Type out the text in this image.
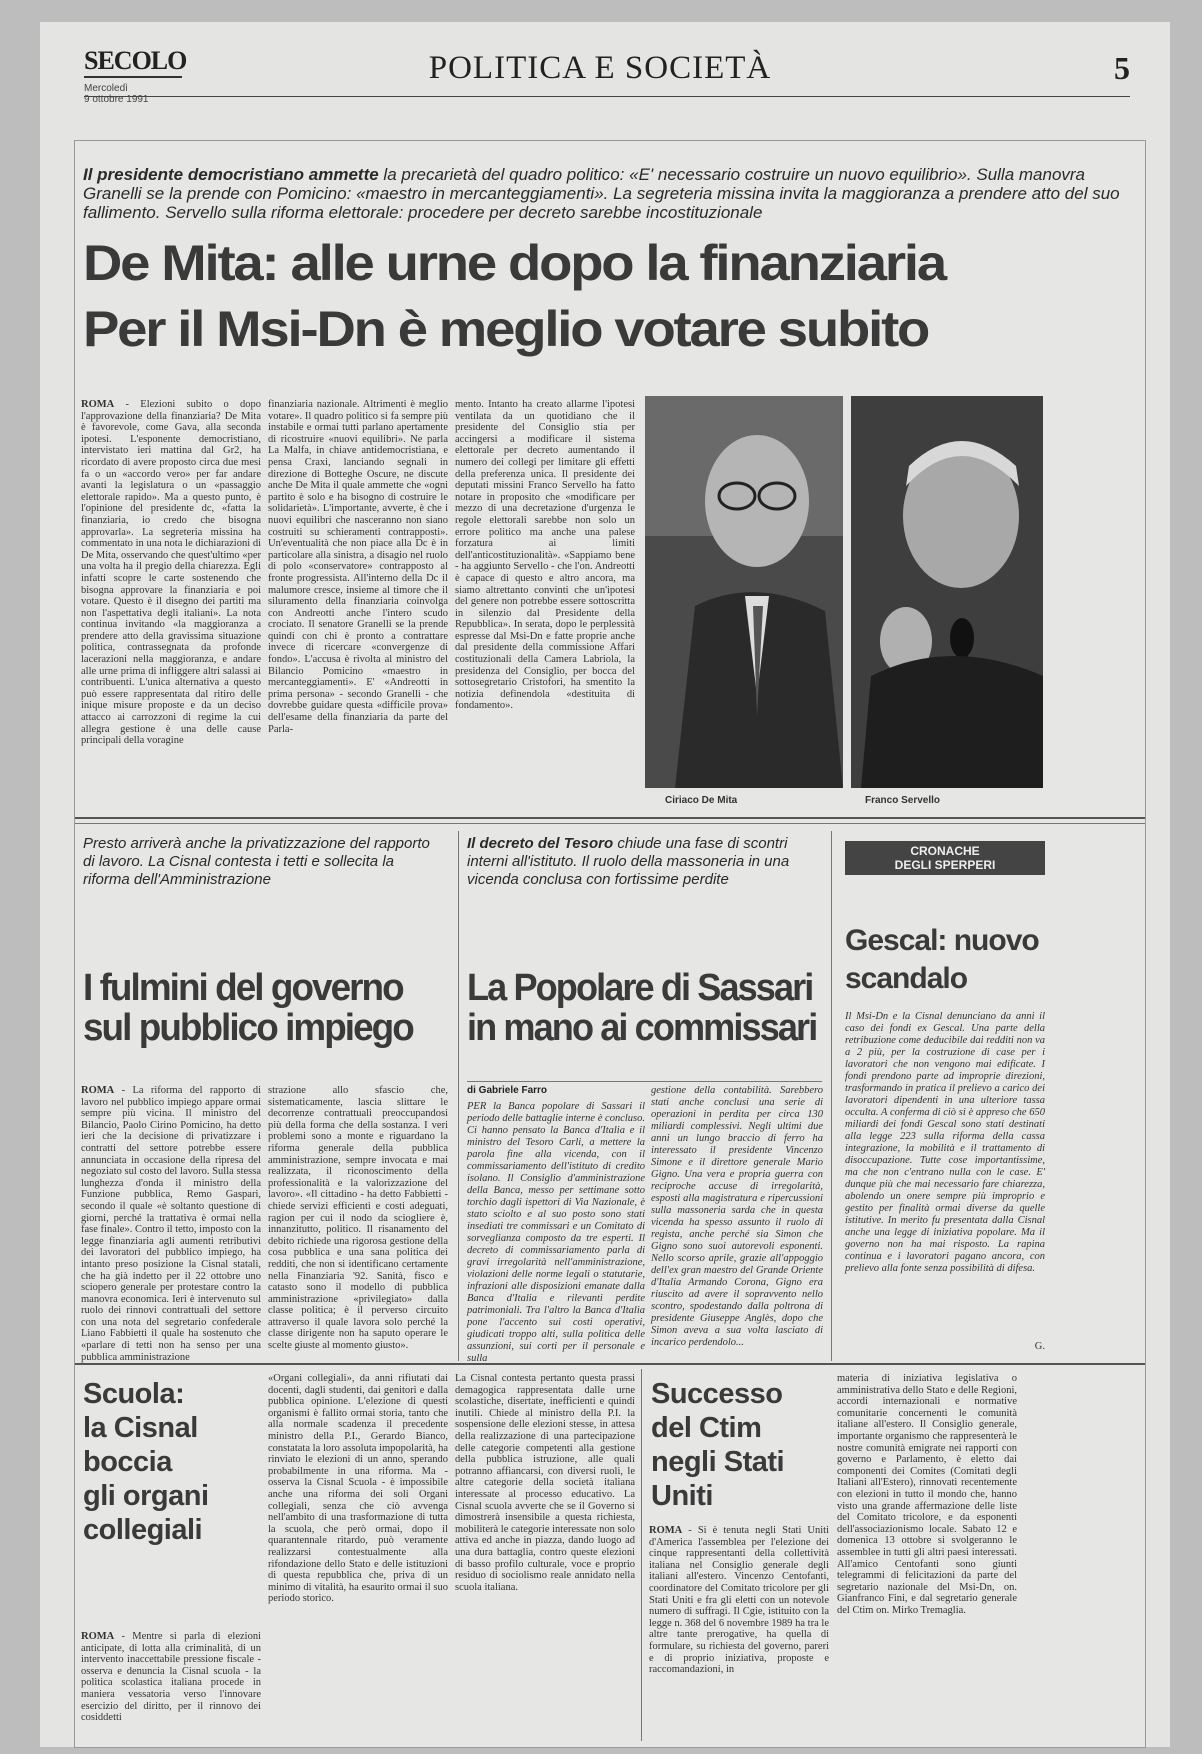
SECOLO
Mercoledì
9 ottobre 1991
POLITICA E SOCIETÀ	5
Il presidente democristiano ammette la precarietà del quadro politico: «E' necessario costruire un nuovo equilibrio». Sulla manovra Granelli se la prende con Pomicino: «maestro in mercanteggiamenti». La segreteria missina invita la maggioranza a prendere atto del suo fallimento. Servello sulla riforma elettorale: procedere per decreto sarebbe incostituzionale
De Mita: alle urne dopo la finanziaria
Per il Msi-Dn è meglio votare subito
ROMA - Elezioni subito o dopo l'approvazione della finanziaria? De Mita è favorevole, come Gava, alla seconda ipotesi. L'esponente democristiano, intervistato ieri mattina dal Gr2, ha ricordato di avere proposto circa due mesi fa o un «accordo vero» per far andare avanti la legislatura o un «passaggio elettorale rapido». Ma a questo punto, è l'opinione del presidente dc, «fatta la finanziaria, io credo che bisogna approvarla». La segreteria missina ha commentato in una nota le dichiarazioni di De Mita, osservando che quest'ultimo «per una volta ha il pregio della chiarezza. Egli infatti scopre le carte sostenendo che bisogna approvare la finanziaria e poi votare. Questo è il disegno dei partiti ma non l'aspettativa degli italiani». La nota continua invitando «la maggioranza a prendere atto della gravissima situazione politica, contrassegnata da profonde lacerazioni nella maggioranza, e andare alle urne prima di infliggere altri salassi ai contribuenti. L'unica alternativa a questo può essere rappresentata dal ritiro delle inique misure proposte e da un deciso attacco ai carrozzoni di regime la cui allegra gestione è una delle cause principali della voragine
finanziaria nazionale. Altrimenti è meglio votare». Il quadro politico si fa sempre più instabile e ormai tutti parlano apertamente di ricostruire «nuovi equilibri». Ne parla La Malfa, in chiave antidemocristiana, e pensa Craxi, lanciando segnali in direzione di Botteghe Oscure, ne discute anche De Mita il quale ammette che «ogni partito è solo e ha bisogno di costruire le solidarietà». L'importante, avverte, è che i nuovi equilibri che nasceranno non siano costruiti su schieramenti contrapposti». Un'eventualità che non piace alla Dc è in particolare alla sinistra, a disagio nel ruolo di polo «conservatore» contrapposto al fronte progressista. All'interno della Dc il malumore cresce, insieme al timore che il siluramento della finanziaria coinvolga con Andreotti anche l'intero scudo crociato. Il senatore Granelli se la prende quindi con chi è pronto a contrattare invece di ricercare «convergenze di fondo». L'accusa è rivolta al ministro del Bilancio Pomicino «maestro in mercanteggiamenti». E' «Andreotti in prima persona» - secondo Granelli - che dovrebbe guidare questa «difficile prova» dell'esame della finanziaria da parte del Parla-
mento. Intanto ha creato allarme l'ipotesi ventilata da un quotidiano che il presidente del Consiglio stia per accingersi a modificare il sistema elettorale per decreto aumentando il numero dei collegi per limitare gli effetti della preferenza unica. Il presidente dei deputati missini Franco Servello ha fatto notare in proposito che «modificare per mezzo di una decretazione d'urgenza le regole elettorali sarebbe non solo un errore politico ma anche una palese forzatura ai limiti dell'anticostituzionalità». «Sappiamo bene - ha aggiunto Servello - che l'on. Andreotti è capace di questo e altro ancora, ma siamo altrettanto convinti che un'ipotesi del genere non potrebbe essere sottoscritta in silenzio dal Presidente della Repubblica». In serata, dopo le perplessità espresse dal Msi-Dn e fatte proprie anche dal presidente della commissione Affari costituzionali della Camera Labriola, la presidenza del Consiglio, per bocca del sottosegretario Cristofori, ha smentito la notizia definendola «destituita di fondamento».
Ciriaco De Mita	Franco Servello
Presto arriverà anche la privatizzazione del rapporto di lavoro. La Cisnal contesta i tetti e sollecita la riforma dell'Amministrazione
I fulmini del governo
sul pubblico impiego
ROMA - La riforma del rapporto di lavoro nel pubblico impiego appare ormai sempre più vicina. Il ministro del Bilancio, Paolo Cirino Pomicino, ha detto ieri che la decisione di privatizzare i contratti del settore potrebbe essere annunciata in occasione della ripresa del negoziato sul costo del lavoro. Sulla stessa lunghezza d'onda il ministro della Funzione pubblica, Remo Gaspari, secondo il quale «è soltanto questione di giorni, perché la trattativa è ormai nella fase finale». Contro il tetto, imposto con la legge finanziaria agli aumenti retributivi dei lavoratori del pubblico impiego, ha intanto preso posizione la Cisnal statali, che ha già indetto per il 22 ottobre uno sciopero generale per protestare contro la manovra economica. Ieri è intervenuto sul ruolo dei rinnovi contrattuali del settore con una nota del segretario confederale Liano Fabbietti il quale ha sostenuto che «parlare di tetti non ha senso per una pubblica amministrazione
strazione allo sfascio che, sistematicamente, lascia slittare le decorrenze contrattuali preoccupandosi più della forma che della sostanza. I veri problemi sono a monte e riguardano la riforma generale della pubblica amministrazione, sempre invocata e mai realizzata, il riconoscimento della professionalità e la valorizzazione del lavoro». «Il cittadino - ha detto Fabbietti - chiede servizi efficienti e costi adeguati, ragion per cui il nodo da sciogliere è, innanzitutto, politico. Il risanamento del debito richiede una rigorosa gestione della cosa pubblica e una sana politica dei redditi, che non si identificano certamente nella Finanziaria '92. Sanità, fisco e catasto sono il modello di pubblica amministrazione «privilegiato» dalla classe politica; è il perverso circuito attraverso il quale lavora solo perché la classe dirigente non ha saputo operare le scelte giuste al momento giusto».
Il decreto del Tesoro chiude una fase di scontri interni all'istituto. Il ruolo della massoneria in una vicenda conclusa con fortissime perdite
La Popolare di Sassari
in mano ai commissari
di Gabriele Farro
PER la Banca popolare di Sassari il periodo delle battaglie interne è concluso. Ci hanno pensato la Banca d'Italia e il ministro del Tesoro Carli, a mettere la parola fine alla vicenda, con il commissariamento dell'istituto di credito isolano. Il Consiglio d'amministrazione della Banca, messo per settimane sotto torchio dagli ispettori di Via Nazionale, è stato sciolto e al suo posto sono stati insediati tre commissari e un Comitato di sorveglianza composto da tre esperti. Il decreto di commissariamento parla di gravi irregolarità nell'amministrazione, violazioni delle norme legali o statutarie, infrazioni alle disposizioni emanate dalla Banca d'Italia e rilevanti perdite patrimoniali. Tra l'altro la Banca d'Italia pone l'accento sui costi operativi, giudicati troppo alti, sulla politica delle assunzioni, sui corti per il personale e sulla
gestione della contabilità. Sarebbero stati anche conclusi una serie di operazioni in perdita per circa 130 miliardi complessivi. Negli ultimi due anni un lungo braccio di ferro ha interessato il presidente Vincenzo Simone e il direttore generale Mario Gigno. Una vera e propria guerra con reciproche accuse di irregolarità, esposti alla magistratura e ripercussioni sulla massoneria sarda che in questa vicenda ha spesso assunto il ruolo di regista, anche perché sia Simon che Gigno sono suoi autorevoli esponenti. Nello scorso aprile, grazie all'appoggio dell'ex gran maestro del Grande Oriente d'Italia Armando Corona, Gigno era riuscito ad avere il sopravvento nello scontro, spodestando dalla poltrona di presidente Giuseppe Anglès, dopo che Simon aveva a sua volta lasciato di incarico perdendolo...
CRONACHE
DEGLI SPERPERI
Gescal: nuovo
scandalo
Il Msi-Dn e la Cisnal denunciano da anni il caso dei fondi ex Gescal. Una parte della retribuzione come deducibile dai redditi non va a 2 più, per la costruzione di case per i lavoratori che non vengono mai edificate. I fondi prendono parte ad improprie direzioni, trasformando in pratica il prelievo a carico dei lavoratori dipendenti in una ulteriore tassa occulta. A conferma di ciò si è appreso che 650 miliardi dei fondi Gescal sono stati destinati alla legge 223 sulla riforma della cassa integrazione, la mobilità e il trattamento di disoccupazione. Tutte cose importantissime, ma che non c'entrano nulla con le case. E' dunque più che mai necessario fare chiarezza, abolendo un onere sempre più improprio e gestito per finalità ormai diverse da quelle istitutive. In merito fu presentata dalla Cisnal anche una legge di iniziativa popolare. Ma il governo non ha mai risposto. La rapina continua e i lavoratori pagano ancora, con prelievo alla fonte senza possibilità di difesa.
G.
Scuola:
la Cisnal
boccia
gli organi
collegiali
ROMA - Mentre si parla di elezioni anticipate, di lotta alla criminalità, di un intervento inaccettabile pressione fiscale - osserva e denuncia la Cisnal scuola - la politica scolastica italiana procede in maniera vessatoria verso l'innovare esercizio del diritto, per il rinnovo dei cosiddetti
«Organi collegiali», da anni rifiutati dai docenti, dagli studenti, dai genitori e dalla pubblica opinione. L'elezione di questi organismi è fallito ormai storia, tanto che alla normale scadenza il precedente ministro della P.I., Gerardo Bianco, constatata la loro assoluta impopolarità, ha rinviato le elezioni di un anno, sperando probabilmente in una riforma. Ma - osserva la Cisnal Scuola - è impossibile anche una riforma dei soli Organi collegiali, senza che ciò avvenga nell'ambito di una trasformazione di tutta la scuola, che però ormai, dopo il quarantennale ritardo, può veramente realizzarsi contestualmente alla rifondazione dello Stato e delle istituzioni di questa repubblica che, priva di un minimo di vitalità, ha esaurito ormai il suo periodo storico.
La Cisnal contesta pertanto questa prassi demagogica rappresentata dalle urne scolastiche, disertate, inefficienti e quindi inutili. Chiede al ministro della P.I. la sospensione delle elezioni stesse, in attesa della realizzazione di una partecipazione delle categorie competenti alla gestione della pubblica istruzione, alle quali potranno affiancarsi, con diversi ruoli, le altre categorie della società italiana interessate al processo educativo. La Cisnal scuola avverte che se il Governo si dimostrerà insensibile a questa richiesta, mobiliterà le categorie interessate non solo attiva ed anche in piazza, dando luogo ad una dura battaglia, contro queste elezioni di basso profilo culturale, voce e proprio residuo di sociolismo reale annidato nella scuola italiana.
Successo
del Ctim
negli Stati
Uniti
ROMA - Si è tenuta negli Stati Uniti d'America l'assemblea per l'elezione dei cinque rappresentanti della collettività italiana nel Consiglio generale degli italiani all'estero. Vincenzo Centofanti, coordinatore del Comitato tricolore per gli Stati Uniti e fra gli eletti con un notevole numero di suffragi. Il Cgie, istituito con la legge n. 368 del 6 novembre 1989 ha tra le altre tante prerogative, ha quella di formulare, su richiesta del governo, pareri e di proprio iniziativa, proposte e raccomandazioni, in
materia di iniziativa legislativa o amministrativa dello Stato e delle Regioni, accordi internazionali e normative comunitarie concernenti le comunità italiane all'estero. Il Consiglio generale, importante organismo che rappresenterà le nostre comunità emigrate nei rapporti con governo e Parlamento, è eletto dai componenti dei Comites (Comitati degli Italiani all'Estero), rinnovati recentemente con elezioni in tutto il mondo che, hanno visto una grande affermazione delle liste del Comitato tricolore, e da esponenti dell'associazionismo locale. Sabato 12 e domenica 13 ottobre si svolgeranno le assemblee in tutti gli altri paesi interessati. All'amico Centofanti sono giunti telegrammi di felicitazioni da parte del segretario nazionale del Msi-Dn, on. Gianfranco Fini, e dal segretario generale del Ctim on. Mirko Tremaglia.
